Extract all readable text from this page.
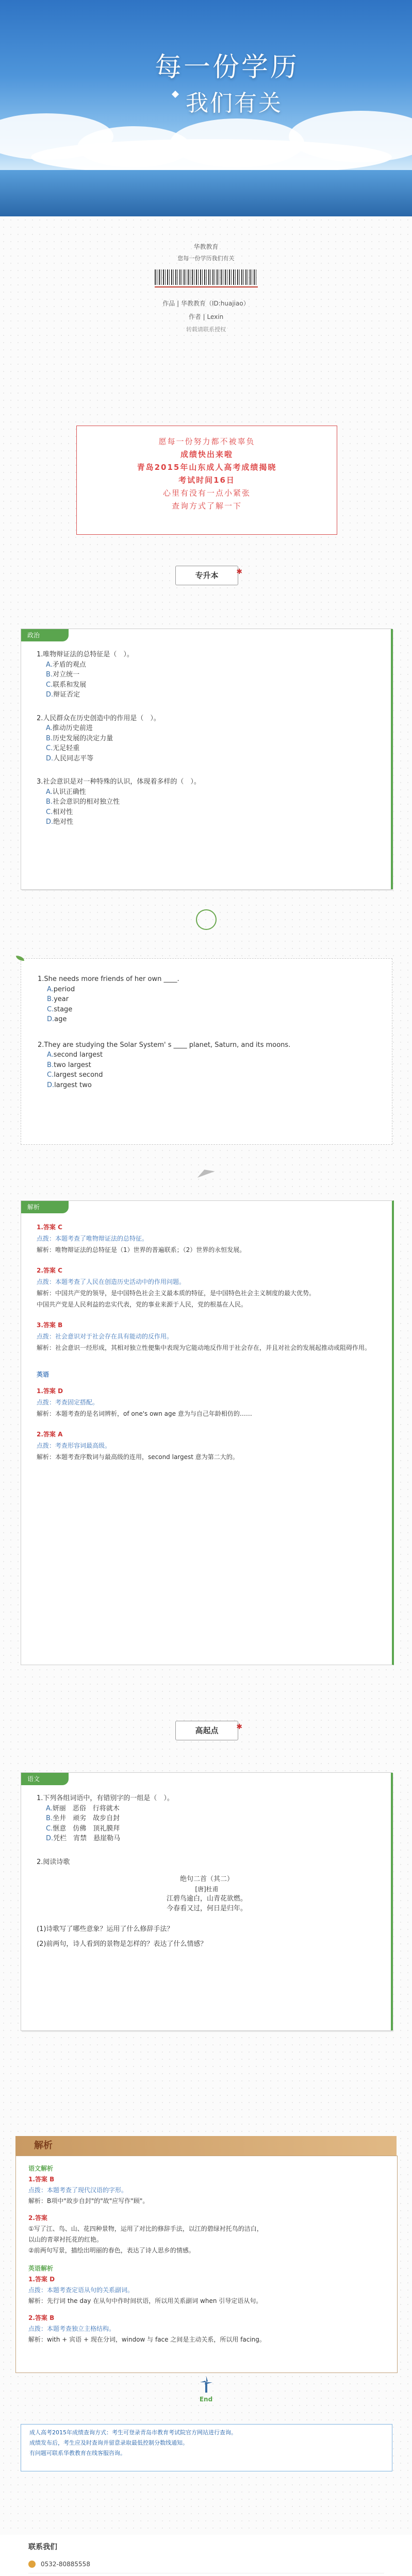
每一份学历
我们有关
华教教育
您每一份学历我们有关
作品 | 华教教育（ID:huajiao）
作者 | Lexin
转载请联系授权
愿每一份努力都不被辜负
成绩快出来啦
青岛2015年山东成人高考成绩揭晓
考试时间16日
心里有没有一点小紧张
查询方式了解一下
专升本 ✱
政治
1.唯物辩证法的总特征是（　）。
A.矛盾的观点
B.对立统一
C.联系和发展
D.辩证否定
2.人民群众在历史创造中的作用是（　）。
A.推动历史前进
B.历史发展的决定力量
C.无足轻重
D.人民同志平等
3.社会意识是对一种特殊的认识，体现着多样的（　）。
A.认识正确性
B.社会意识的相对独立性
C.相对性
D.绝对性
1.She needs more friends of her own ____.
A.period
B.year
C.stage
D.age
2.They are studying the Solar System' s ____ planet, Saturn, and its moons.
A.second largest
B.two largest
C.largest second
D.largest two
解析
1.答案 C
点拨：本题考查了唯物辩证法的总特征。
解析：唯物辩证法的总特征是（1）世界的普遍联系；（2）世界的永恒发展。
2.答案 C
点拨：本题考查了人民在创造历史活动中的作用问题。
解析：中国共产党的领导，是中国特色社会主义最本质的特征，是中国特色社会主义制度的最大优势。
中国共产党是人民利益的忠实代表，党的事业来源于人民，党的根基在人民。
3.答案 B
点拨：社会意识对于社会存在具有能动的反作用。
解析：社会意识一经形成，其相对独立性便集中表现为它能动地反作用于社会存在，并且对社会的发展起推动或阻碍作用。
英语
1.答案 D
点拨：考查固定搭配。
解析：本题考查的是名词辨析，of one's own age 意为与自己年龄相仿的……
2.答案 A
点拨：考查形容词最高级。
解析：本题考查序数词与最高级的连用，second largest 意为第二大的。
高起点 ✱
语文
1.下列各组词语中，有错别字的一组是（　）。
A.妍丽　恶俗　行将就木
B.坐井　顽劣　故步自封
C.惬意　仿佛　顶礼膜拜
D.凭栏　宵禁　悬崖勒马
2.阅读诗歌
绝句二首（其二）
[唐]杜甫
江碧鸟逾白，山青花欲燃。
今春看又过，何日是归年。
(1)诗歌写了哪些意象？运用了什么修辞手法？
(2)前两句，诗人看到的景物是怎样的？表达了什么情感？
解析
语文解析
1.答案 B
点拨：本题考查了现代汉语的字形。
解析：B项中"故步自封"的"故"应写作"顾"。
2.答案
①写了江、鸟、山、花四种景物，运用了对比的修辞手法，以江的碧绿衬托鸟的洁白，
以山的青翠衬托花的红艳。
②前两句写景，描绘出明丽的春色，表达了诗人思乡的情感。
英语解析
1.答案 D
点拨：本题考查定语从句的关系副词。
解析：先行词 the day 在从句中作时间状语，所以用关系副词 when 引导定语从句。
2.答案 B
点拨：本题考查独立主格结构。
解析：with + 宾语 + 现在分词，window 与 face 之间是主动关系，所以用 facing。
End
成人高考2015年成绩查询方式：考生可登录青岛市教育考试院官方网站进行查询。
成绩发布后，考生应及时查询并留意录取最低控制分数线通知。
有问题可联系华教教育在线客服咨询。
联系我们
0532-80885558
